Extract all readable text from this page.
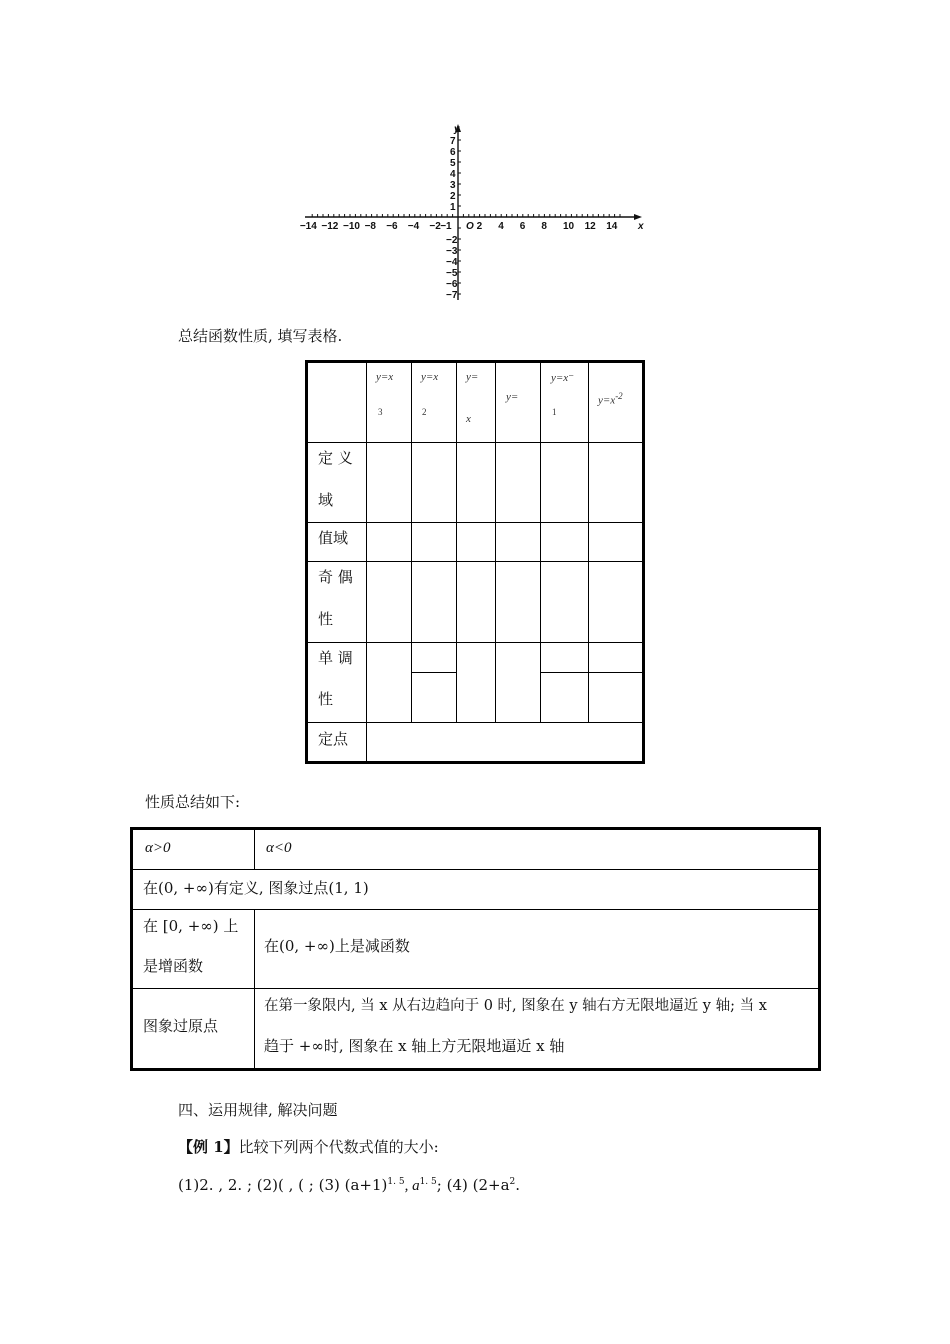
y
x
O
−14 −12 −10 −8 −6 −4 −2 −1 2 4 6 8 10 12 14
7
6
5
4
3
2
1
−2
−3
−4
−5
−6
−7
总结函数性质, 填写表格.
y=x
3
y=x
2
y=
x
y=
y=x⁻
1
$y=x^{-2}$
定 义
域
值域
奇 偶
性
单 调
性
定点
性质总结如下:
α>0	α<0
在(0, +∞)有定义, 图象过点(1, 1)
在 [0, +∞) 上
是增函数
在(0, +∞)上是减函数
图象过原点
在第一象限内, 当 x 从右边趋向于 0 时, 图象在 y 轴右方无限地逼近 y 轴; 当 x
趋于 +∞时, 图象在 x 轴上方无限地逼近 x 轴
四、运用规律, 解决问题
【例 1】比较下列两个代数式值的大小:
(1)2. , 2. ; (2)( , ( ; (3) $(a+1)^{1. 5}$, $a^{1. 5}$; (4) ($2+a^2$.
